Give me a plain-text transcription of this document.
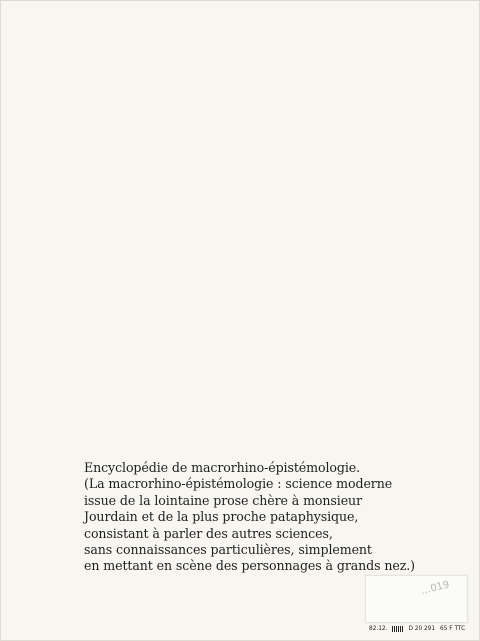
Encyclopédie de macrorhino-épistémologie.
(La macrorhino-épistémologie : science moderne
issue de la lointaine prose chère à monsieur
Jourdain et de la plus proche pataphysique,
consistant à parler des autres sciences,
sans connaissances particulières, simplement
en mettant en scène des personnages à grands nez.)
…019
82.12.	D 20 291 65 F TTC
